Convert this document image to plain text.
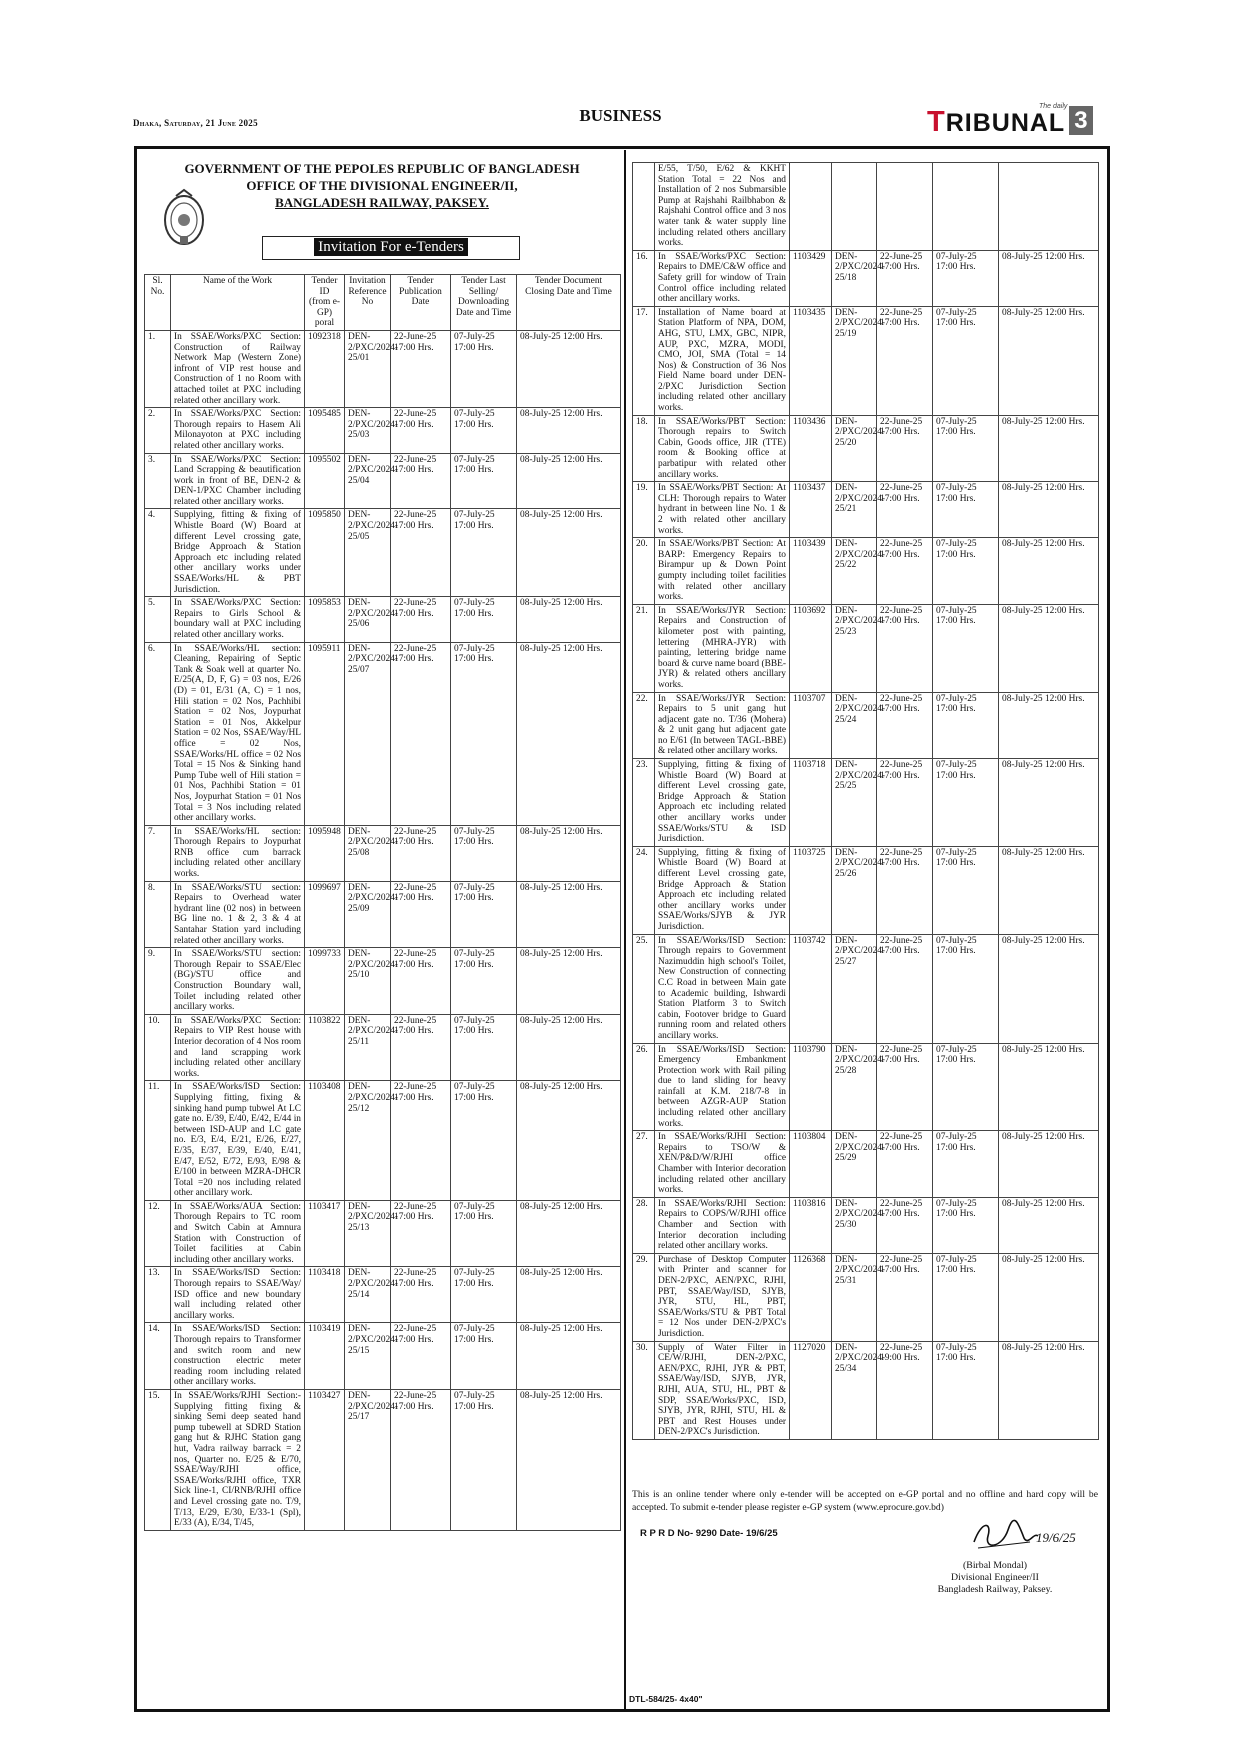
Dhaka, Saturday, 21 June 2025	BUSINESS	The daily
TRIBUNAL 3
GOVERNMENT OF THE PEPOLES REPUBLIC OF BANGLADESH
OFFICE OF THE DIVISIONAL ENGINEER/II,
BANGLADESH RAILWAY, PAKSEY.
Invitation For e-Tenders
Sl. No.	Name of the Work	Tender ID (from e-GP) poral	Invitation Reference No	Tender Publication Date	Tender Last Selling/ Downloading Date and Time	Tender Document Closing Date and Time
1.	In SSAE/Works/PXC Section: Construction of Railway Network Map (Western Zone) infront of VIP rest house and Construction of 1 no Room with attached toilet at PXC including related other ancillary work.	1092318	DEN-2/PXC/2024-25/01	22-June-25 17:00 Hrs.	07-July-25 17:00 Hrs.	08-July-25 12:00 Hrs.
2.	In SSAE/Works/PXC Section: Thorough repairs to Hasem Ali Milonayoton at PXC including related other ancillary works.	1095485	DEN-2/PXC/2024-25/03	22-June-25 17:00 Hrs.	07-July-25 17:00 Hrs.	08-July-25 12:00 Hrs.
3.	In SSAE/Works/PXC Section: Land Scrapping & beautification work in front of BE, DEN-2 & DEN-1/PXC Chamber including related other ancillary works.	1095502	DEN-2/PXC/2024-25/04	22-June-25 17:00 Hrs.	07-July-25 17:00 Hrs.	08-July-25 12:00 Hrs.
4.	Supplying, fitting & fixing of Whistle Board (W) Board at different Level crossing gate, Bridge Approach & Station Approach etc including related other ancillary works under SSAE/Works/HL & PBT Jurisdiction.	1095850	DEN-2/PXC/2024-25/05	22-June-25 17:00 Hrs.	07-July-25 17:00 Hrs.	08-July-25 12:00 Hrs.
5.	In SSAE/Works/PXC Section: Repairs to Girls School & boundary wall at PXC including related other ancillary works.	1095853	DEN-2/PXC/2024-25/06	22-June-25 17:00 Hrs.	07-July-25 17:00 Hrs.	08-July-25 12:00 Hrs.
6.	In SSAE/Works/HL section: Cleaning, Repairing of Septic Tank & Soak well at quarter No. E/25(A, D, F, G) = 03 nos, E/26 (D) = 01, E/31 (A, C) = 1 nos, Hili station = 02 Nos, Pachhibi Station = 02 Nos, Joypurhat Station = 01 Nos, Akkelpur Station = 02 Nos, SSAE/Way/HL office = 02 Nos, SSAE/Works/HL office = 02 Nos Total = 15 Nos & Sinking hand Pump Tube well of Hili station = 01 Nos, Pachhibi Station = 01 Nos, Joypurhat Station = 01 Nos Total = 3 Nos including related other ancillary works.	1095911	DEN-2/PXC/2024-25/07	22-June-25 17:00 Hrs.	07-July-25 17:00 Hrs.	08-July-25 12:00 Hrs.
7.	In SSAE/Works/HL section: Thorough Repairs to Joypurhat RNB office cum barrack including related other ancillary works.	1095948	DEN-2/PXC/2024-25/08	22-June-25 17:00 Hrs.	07-July-25 17:00 Hrs.	08-July-25 12:00 Hrs.
8.	In SSAE/Works/STU section: Repairs to Overhead water hydrant line (02 nos) in between BG line no. 1 & 2, 3 & 4 at Santahar Station yard including related other ancillary works.	1099697	DEN-2/PXC/2024-25/09	22-June-25 17:00 Hrs.	07-July-25 17:00 Hrs.	08-July-25 12:00 Hrs.
9.	In SSAE/Works/STU section: Thorough Repair to SSAE/Elec (BG)/STU office and Construction Boundary wall, Toilet including related other ancillary works.	1099733	DEN-2/PXC/2024-25/10	22-June-25 17:00 Hrs.	07-July-25 17:00 Hrs.	08-July-25 12:00 Hrs.
10.	In SSAE/Works/PXC Section: Repairs to VIP Rest house with Interior decoration of 4 Nos room and land scrapping work including related other ancillary works.	1103822	DEN-2/PXC/2024-25/11	22-June-25 17:00 Hrs.	07-July-25 17:00 Hrs.	08-July-25 12:00 Hrs.
11.	In SSAE/Works/ISD Section: Supplying fitting, fixing & sinking hand pump tubwel At LC gate no. E/39, E/40, E/42, E/44 in between ISD-AUP and LC gate no. E/3, E/4, E/21, E/26, E/27, E/35, E/37, E/39, E/40, E/41, E/47, E/52, E/72, E/93, E/98 & E/100 in between MZRA-DHCR Total =20 nos including related other ancillary work.	1103408	DEN-2/PXC/2024-25/12	22-June-25 17:00 Hrs.	07-July-25 17:00 Hrs.	08-July-25 12:00 Hrs.
12.	In SSAE/Works/AUA Section: Thorough Repairs to TC room and Switch Cabin at Amnura Station with Construction of Toilet facilities at Cabin including other ancillary works.	1103417	DEN-2/PXC/2024-25/13	22-June-25 17:00 Hrs.	07-July-25 17:00 Hrs.	08-July-25 12:00 Hrs.
13.	In SSAE/Works/ISD Section: Thorough repairs to SSAE/Way/ ISD office and new boundary wall including related other ancillary works.	1103418	DEN-2/PXC/2024-25/14	22-June-25 17:00 Hrs.	07-July-25 17:00 Hrs.	08-July-25 12:00 Hrs.
14.	In SSAE/Works/ISD Section: Thorough repairs to Transformer and switch room and new construction electric meter reading room including related other ancillary works.	1103419	DEN-2/PXC/2024-25/15	22-June-25 17:00 Hrs.	07-July-25 17:00 Hrs.	08-July-25 12:00 Hrs.
15.	In SSAE/Works/RJHI Section:- Supplying fitting fixing & sinking Semi deep seated hand pump tubewell at SDRD Station gang hut & RJHC Station gang hut, Vadra railway barrack = 2 nos, Quarter no. E/25 & E/70, SSAE/Way/RJHI office, SSAE/Works/RJHI office, TXR Sick line-1, CI/RNB/RJHI office and Level crossing gate no. T/9, T/13, E/29, E/30, E/33-1 (Spl), E/33 (A), E/34, T/45,	1103427	DEN-2/PXC/2024-25/17	22-June-25 17:00 Hrs.	07-July-25 17:00 Hrs.	08-July-25 12:00 Hrs.
	E/55, T/50, E/62 & KKHT Station Total = 22 Nos and Installation of 2 nos Submarsible Pump at Rajshahi Railbhabon & Rajshahi Control office and 3 nos water tank & water supply line including related others ancillary works.					
16.	In SSAE/Works/PXC Section: Repairs to DME/C&W office and Safety grill for window of Train Control office including related other ancillary works.	1103429	DEN-2/PXC/2024-25/18	22-June-25 17:00 Hrs.	07-July-25 17:00 Hrs.	08-July-25 12:00 Hrs.
17.	Installation of Name board at Station Platform of NPA, DOM, AHG, STU, LMX, GBC, NIPR, AUP, PXC, MZRA, MODI, CMO, JOI, SMA (Total = 14 Nos) & Construction of 36 Nos Field Name board under DEN-2/PXC Jurisdiction Section including related other ancillary works.	1103435	DEN-2/PXC/2024-25/19	22-June-25 17:00 Hrs.	07-July-25 17:00 Hrs.	08-July-25 12:00 Hrs.
18.	In SSAE/Works/PBT Section: Thorough repairs to Switch Cabin, Goods office, JIR (TTE) room & Booking office at parbatipur with related other ancillary works.	1103436	DEN-2/PXC/2024-25/20	22-June-25 17:00 Hrs.	07-July-25 17:00 Hrs.	08-July-25 12:00 Hrs.
19.	In SSAE/Works/PBT Section: At CLH: Thorough repairs to Water hydrant in between line No. 1 & 2 with related other ancillary works.	1103437	DEN-2/PXC/2024-25/21	22-June-25 17:00 Hrs.	07-July-25 17:00 Hrs.	08-July-25 12:00 Hrs.
20.	In SSAE/Works/PBT Section: At BARP: Emergency Repairs to Birampur up & Down Point gumpty including toilet facilities with related other ancillary works.	1103439	DEN-2/PXC/2024-25/22	22-June-25 17:00 Hrs.	07-July-25 17:00 Hrs.	08-July-25 12:00 Hrs.
21.	In SSAE/Works/JYR Section: Repairs and Construction of kilometer post with painting, lettering (MHRA-JYR) with painting, lettering bridge name board & curve name board (BBE-JYR) & related others ancillary works.	1103692	DEN-2/PXC/2024-25/23	22-June-25 17:00 Hrs.	07-July-25 17:00 Hrs.	08-July-25 12:00 Hrs.
22.	In SSAE/Works/JYR Section: Repairs to 5 unit gang hut adjacent gate no. T/36 (Mohera) & 2 unit gang hut adjacent gate no E/61 (In between TAGL-BBE) & related other ancillary works.	1103707	DEN-2/PXC/2024-25/24	22-June-25 17:00 Hrs.	07-July-25 17:00 Hrs.	08-July-25 12:00 Hrs.
23.	Supplying, fitting & fixing of Whistle Board (W) Board at different Level crossing gate, Bridge Approach & Station Approach etc including related other ancillary works under SSAE/Works/STU & ISD Jurisdiction.	1103718	DEN-2/PXC/2024-25/25	22-June-25 17:00 Hrs.	07-July-25 17:00 Hrs.	08-July-25 12:00 Hrs.
24.	Supplying, fitting & fixing of Whistle Board (W) Board at different Level crossing gate, Bridge Approach & Station Approach etc including related other ancillary works under SSAE/Works/SJYB & JYR Jurisdiction.	1103725	DEN-2/PXC/2024-25/26	22-June-25 17:00 Hrs.	07-July-25 17:00 Hrs.	08-July-25 12:00 Hrs.
25.	In SSAE/Works/ISD Section: Through repairs to Government Nazimuddin high school's Toilet, New Construction of connecting C.C Road in between Main gate to Academic building, Ishwardi Station Platform 3 to Switch cabin, Footover bridge to Guard running room and related others ancillary works.	1103742	DEN-2/PXC/2024-25/27	22-June-25 17:00 Hrs.	07-July-25 17:00 Hrs.	08-July-25 12:00 Hrs.
26.	In SSAE/Works/ISD Section: Emergency Embankment Protection work with Rail piling due to land sliding for heavy rainfall at K.M. 218/7-8 in between AZGR-AUP Station including related other ancillary works.	1103790	DEN-2/PXC/2024-25/28	22-June-25 17:00 Hrs.	07-July-25 17:00 Hrs.	08-July-25 12:00 Hrs.
27.	In SSAE/Works/RJHI Section: Repairs to TSO/W & XEN/P&D/W/RJHI office Chamber with Interior decoration including related other ancillary works.	1103804	DEN-2/PXC/2024-25/29	22-June-25 17:00 Hrs.	07-July-25 17:00 Hrs.	08-July-25 12:00 Hrs.
28.	In SSAE/Works/RJHI Section: Repairs to COPS/W/RJHI office Chamber and Section with Interior decoration including related other ancillary works.	1103816	DEN-2/PXC/2024-25/30	22-June-25 17:00 Hrs.	07-July-25 17:00 Hrs.	08-July-25 12:00 Hrs.
29.	Purchase of Desktop Computer with Printer and scanner for DEN-2/PXC, AEN/PXC, RJHI, PBT, SSAE/Way/ISD, SJYB, JYR, STU, HL, PBT, SSAE/Works/STU & PBT Total = 12 Nos under DEN-2/PXC's Jurisdiction.	1126368	DEN-2/PXC/2024-25/31	22-June-25 17:00 Hrs.	07-July-25 17:00 Hrs.	08-July-25 12:00 Hrs.
30.	Supply of Water Filter in CE/W/RJHI, DEN-2/PXC, AEN/PXC, RJHI, JYR & PBT, SSAE/Way/ISD, SJYB, JYR, RJHI, AUA, STU, HL, PBT & SDP, SSAE/Works/PXC, ISD, SJYB, JYR, RJHI, STU, HL & PBT and Rest Houses under DEN-2/PXC's Jurisdiction.	1127020	DEN-2/PXC/2024-25/34	22-June-25 19:00 Hrs.	07-July-25 17:00 Hrs.	08-July-25 12:00 Hrs.
This is an online tender where only e-tender will be accepted on e-GP portal and no offline and hard copy will be accepted. To submit e-tender please register e-GP system (www.eprocure.gov.bd)
R P R D No- 9290 Date- 19/6/25	19/6/25
(Birbal Mondal)
Divisional Engineer/II
Bangladesh Railway, Paksey.
DTL-584/25- 4x40"
